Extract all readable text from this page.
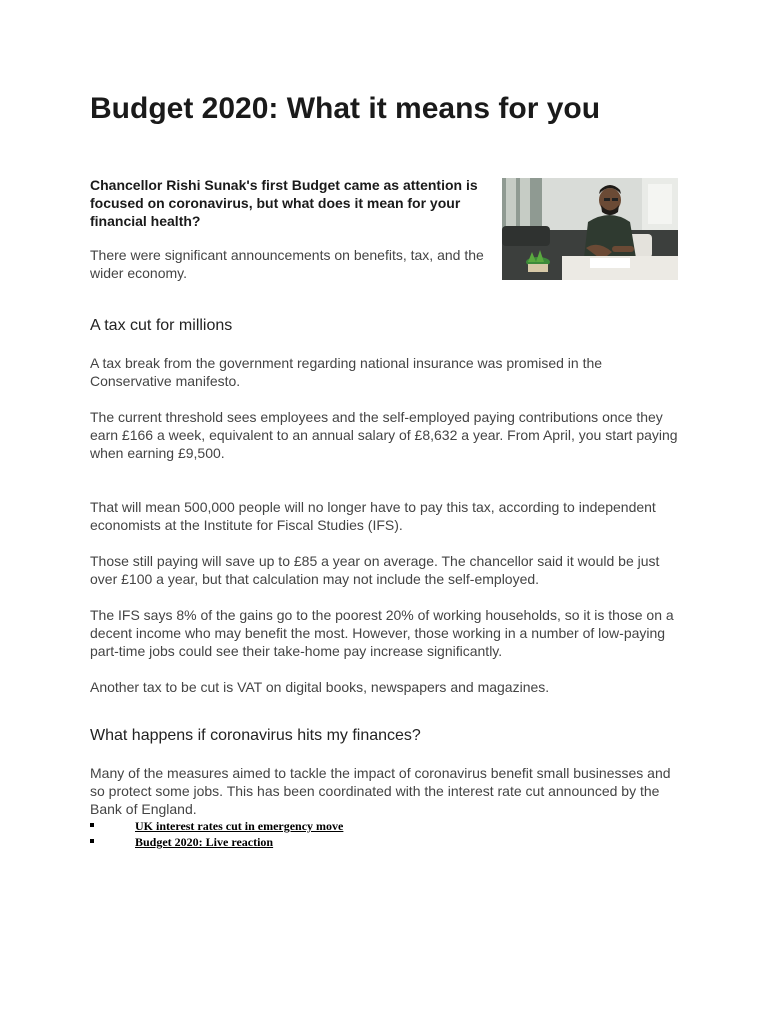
Budget 2020: What it means for you

Chancellor Rishi Sunak's first Budget came as attention is focused on coronavirus, but what does it mean for your financial health?

There were significant announcements on benefits, tax, and the wider economy.

A tax cut for millions

A tax break from the government regarding national insurance was promised in the Conservative manifesto.

The current threshold sees employees and the self-employed paying contributions once they earn £166 a week, equivalent to an annual salary of £8,632 a year. From April, you start paying when earning £9,500.

That will mean 500,000 people will no longer have to pay this tax, according to independent economists at the Institute for Fiscal Studies (IFS).

Those still paying will save up to £85 a year on average. The chancellor said it would be just over £100 a year, but that calculation may not include the self-employed.

The IFS says 8% of the gains go to the poorest 20% of working households, so it is those on a decent income who may benefit the most. However, those working in a number of low-paying part-time jobs could see their take-home pay increase significantly.

Another tax to be cut is VAT on digital books, newspapers and magazines.

What happens if coronavirus hits my finances?

Many of the measures aimed to tackle the impact of coronavirus benefit small businesses and so protect some jobs. This has been coordinated with the interest rate cut announced by the Bank of England.

UK interest rates cut in emergency move
Budget 2020: Live reaction
